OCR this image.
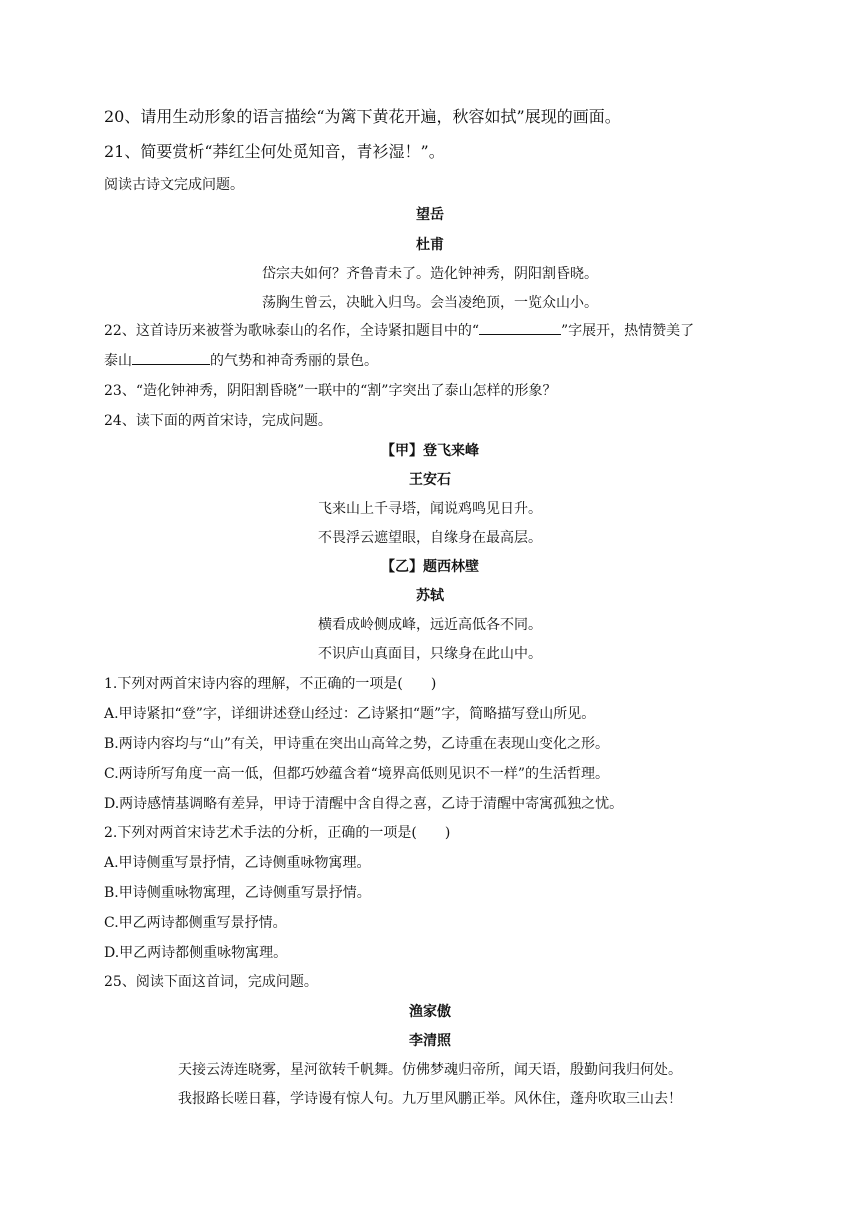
20、请用生动形象的语言描绘“为篱下黄花开遍，秋容如拭”展现的画面。
21、简要赏析“莽红尘何处觅知音，青衫湿！”。
阅读古诗文完成问题。
望岳
杜甫
岱宗夫如何？齐鲁青未了。造化钟神秀，阴阳割昏晓。
荡胸生曾云，决眦入归鸟。会当凌绝顶，一览众山小。
22、这首诗历来被誉为歌咏泰山的名作，全诗紧扣题目中的“	”字展开，热情赞美了
泰山	的气势和神奇秀丽的景色。
23、“造化钟神秀，阴阳割昏晓”一联中的“割”字突出了泰山怎样的形象？
24、读下面的两首宋诗，完成问题。
【甲】登飞来峰
王安石
飞来山上千寻塔，闻说鸡鸣见日升。
不畏浮云遮望眼，自缘身在最高层。
【乙】题西林壁
苏轼
横看成岭侧成峰，远近高低各不同。
不识庐山真面目，只缘身在此山中。
1.下列对两首宋诗内容的理解，不正确的一项是(　　)
A.甲诗紧扣“登”字，详细讲述登山经过：乙诗紧扣“题”字，简略描写登山所见。
B.两诗内容均与“山”有关，甲诗重在突出山高耸之势，乙诗重在表现山变化之形。
C.两诗所写角度一高一低，但都巧妙蕴含着“境界高低则见识不一样”的生活哲理。
D.两诗感情基调略有差异，甲诗于清醒中含自得之喜，乙诗于清醒中寄寓孤独之忧。
2.下列对两首宋诗艺术手法的分析，正确的一项是(　　)
A.甲诗侧重写景抒情，乙诗侧重咏物寓理。
B.甲诗侧重咏物寓理，乙诗侧重写景抒情。
C.甲乙两诗都侧重写景抒情。
D.甲乙两诗都侧重咏物寓理。
25、阅读下面这首词，完成问题。
渔家傲
李清照
天接云涛连晓雾，星河欲转千帆舞。仿佛梦魂归帝所，闻天语，殷勤问我归何处。
我报路长嗟日暮，学诗谩有惊人句。九万里风鹏正举。风休住，蓬舟吹取三山去！
